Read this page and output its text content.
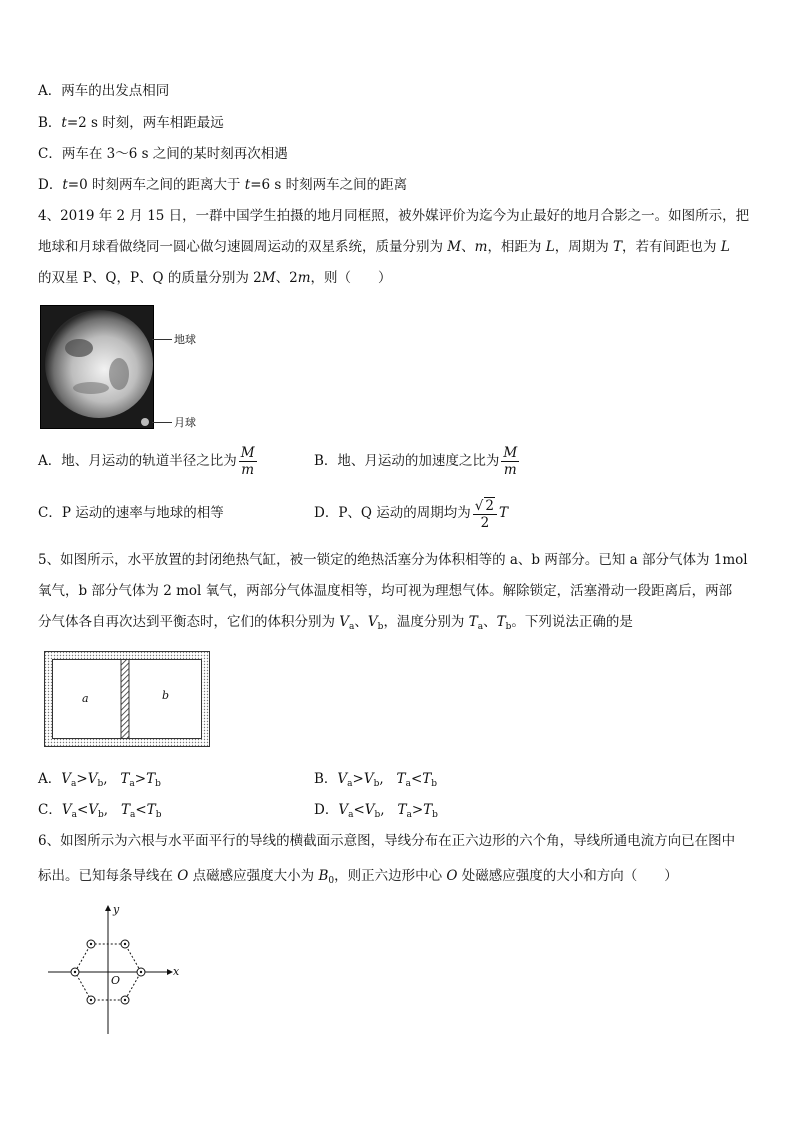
A．两车的出发点相同
B．t=2 s 时刻，两车相距最远
C．两车在 3～6 s 之间的某时刻再次相遇
D．t=0 时刻两车之间的距离大于 t=6 s 时刻两车之间的距离
4、2019 年 2 月 15 日，一群中国学生拍摄的地月同框照，被外媒评价为迄今为止最好的地月合影之一。如图所示，把
地球和月球看做绕同一圆心做匀速圆周运动的双星系统，质量分别为 M、m，相距为 L，周期为 T，若有间距也为 L
的双星 P、Q，P、Q 的质量分别为 2M、2m，则（　　）
地球
月球
A．地、月运动的轨道半径之比为 $\frac{M}{m}$	B．地、月运动的加速度之比为 $\frac{M}{m}$
C．P 运动的速率与地球的相等	D．P、Q 运动的周期均为 $\frac{√ 2}{2}$ T
5、如图所示，水平放置的封闭绝热气缸，被一锁定的绝热活塞分为体积相等的 a、b 两部分。已知 a 部分气体为 1mol
氧气，b 部分气体为 2 mol 氧气，两部分气体温度相等，均可视为理想气体。解除锁定，活塞滑动一段距离后，两部
分气体各自再次达到平衡态时，它们的体积分别为 $V_a$、$V_b$，温度分别为 $T_a$、$T_b$。下列说法正确的是
a	b
A．$V_a>V_b$,   $T_a>T_b$	B．$V_a>V_b$,   $T_a<T_b$
C．$V_a<V_b$,   $T_a<T_b$	D．$V_a<V_b$,   $T_a>T_b$
6、如图所示为六根与水平面平行的导线的横截面示意图，导线分布在正六边形的六个角，导线所通电流方向已在图中
标出。已知每条导线在 O 点磁感应强度大小为 $B_0$，则正六边形中心 O 处磁感应强度的大小和方向（　　）
y
x
O
